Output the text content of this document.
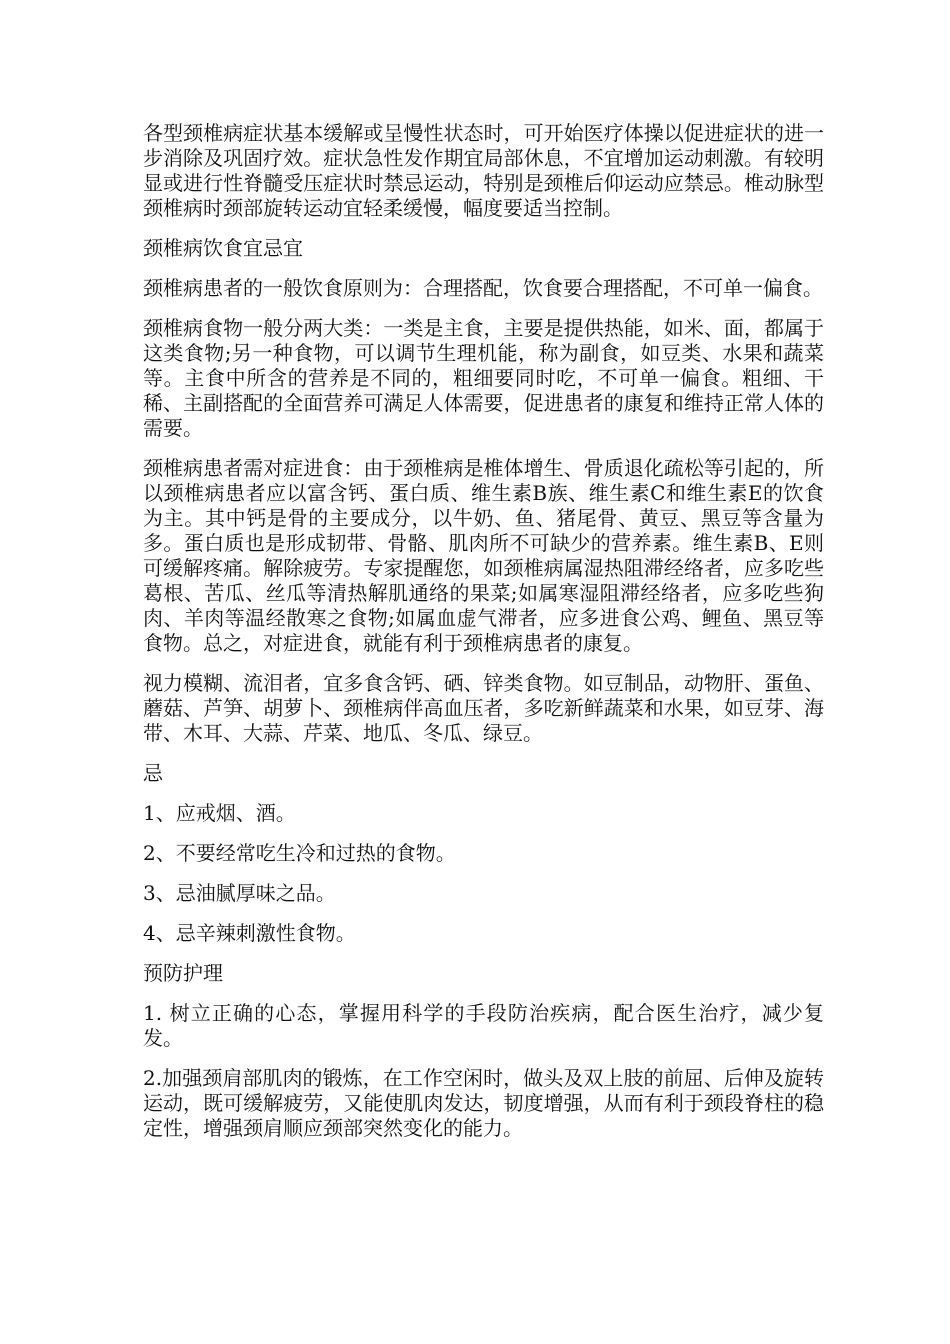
各型颈椎病症状基本缓解或呈慢性状态时，可开始医疗体操以促进症状的进一步消除及巩固疗效。症状急性发作期宜局部休息，不宜增加运动刺激。有较明显或进行性脊髓受压症状时禁忌运动，特别是颈椎后仰运动应禁忌。椎动脉型颈椎病时颈部旋转运动宜轻柔缓慢，幅度要适当控制。

颈椎病饮食宜忌宜

颈椎病患者的一般饮食原则为：合理搭配，饮食要合理搭配，不可单一偏食。

颈椎病食物一般分两大类：一类是主食，主要是提供热能，如米、面，都属于这类食物;另一种食物，可以调节生理机能，称为副食，如豆类、水果和蔬菜等。主食中所含的营养是不同的，粗细要同时吃，不可单一偏食。粗细、干稀、主副搭配的全面营养可满足人体需要，促进患者的康复和维持正常人体的需要。

颈椎病患者需对症进食：由于颈椎病是椎体增生、骨质退化疏松等引起的，所以颈椎病患者应以富含钙、蛋白质、维生素B族、维生素C和维生素E的饮食为主。其中钙是骨的主要成分，以牛奶、鱼、猪尾骨、黄豆、黑豆等含量为多。蛋白质也是形成韧带、骨骼、肌肉所不可缺少的营养素。维生素B、E则可缓解疼痛。解除疲劳。专家提醒您，如颈椎病属湿热阻滞经络者，应多吃些葛根、苦瓜、丝瓜等清热解肌通络的果菜;如属寒湿阻滞经络者，应多吃些狗肉、羊肉等温经散寒之食物;如属血虚气滞者，应多进食公鸡、鲤鱼、黑豆等食物。总之，对症进食，就能有利于颈椎病患者的康复。

视力模糊、流泪者，宜多食含钙、硒、锌类食物。如豆制品，动物肝、蛋鱼、蘑菇、芦笋、胡萝卜、颈椎病伴高血压者，多吃新鲜蔬菜和水果，如豆芽、海带、木耳、大蒜、芹菜、地瓜、冬瓜、绿豆。

忌

1、应戒烟、酒。

2、不要经常吃生冷和过热的食物。

3、忌油腻厚味之品。

4、忌辛辣刺激性食物。

预防护理

1. 树立正确的心态，掌握用科学的手段防治疾病，配合医生治疗，减少复发。

2.加强颈肩部肌肉的锻炼，在工作空闲时，做头及双上肢的前屈、后伸及旋转运动，既可缓解疲劳，又能使肌肉发达，韧度增强，从而有利于颈段脊柱的稳定性，增强颈肩顺应颈部突然变化的能力。
